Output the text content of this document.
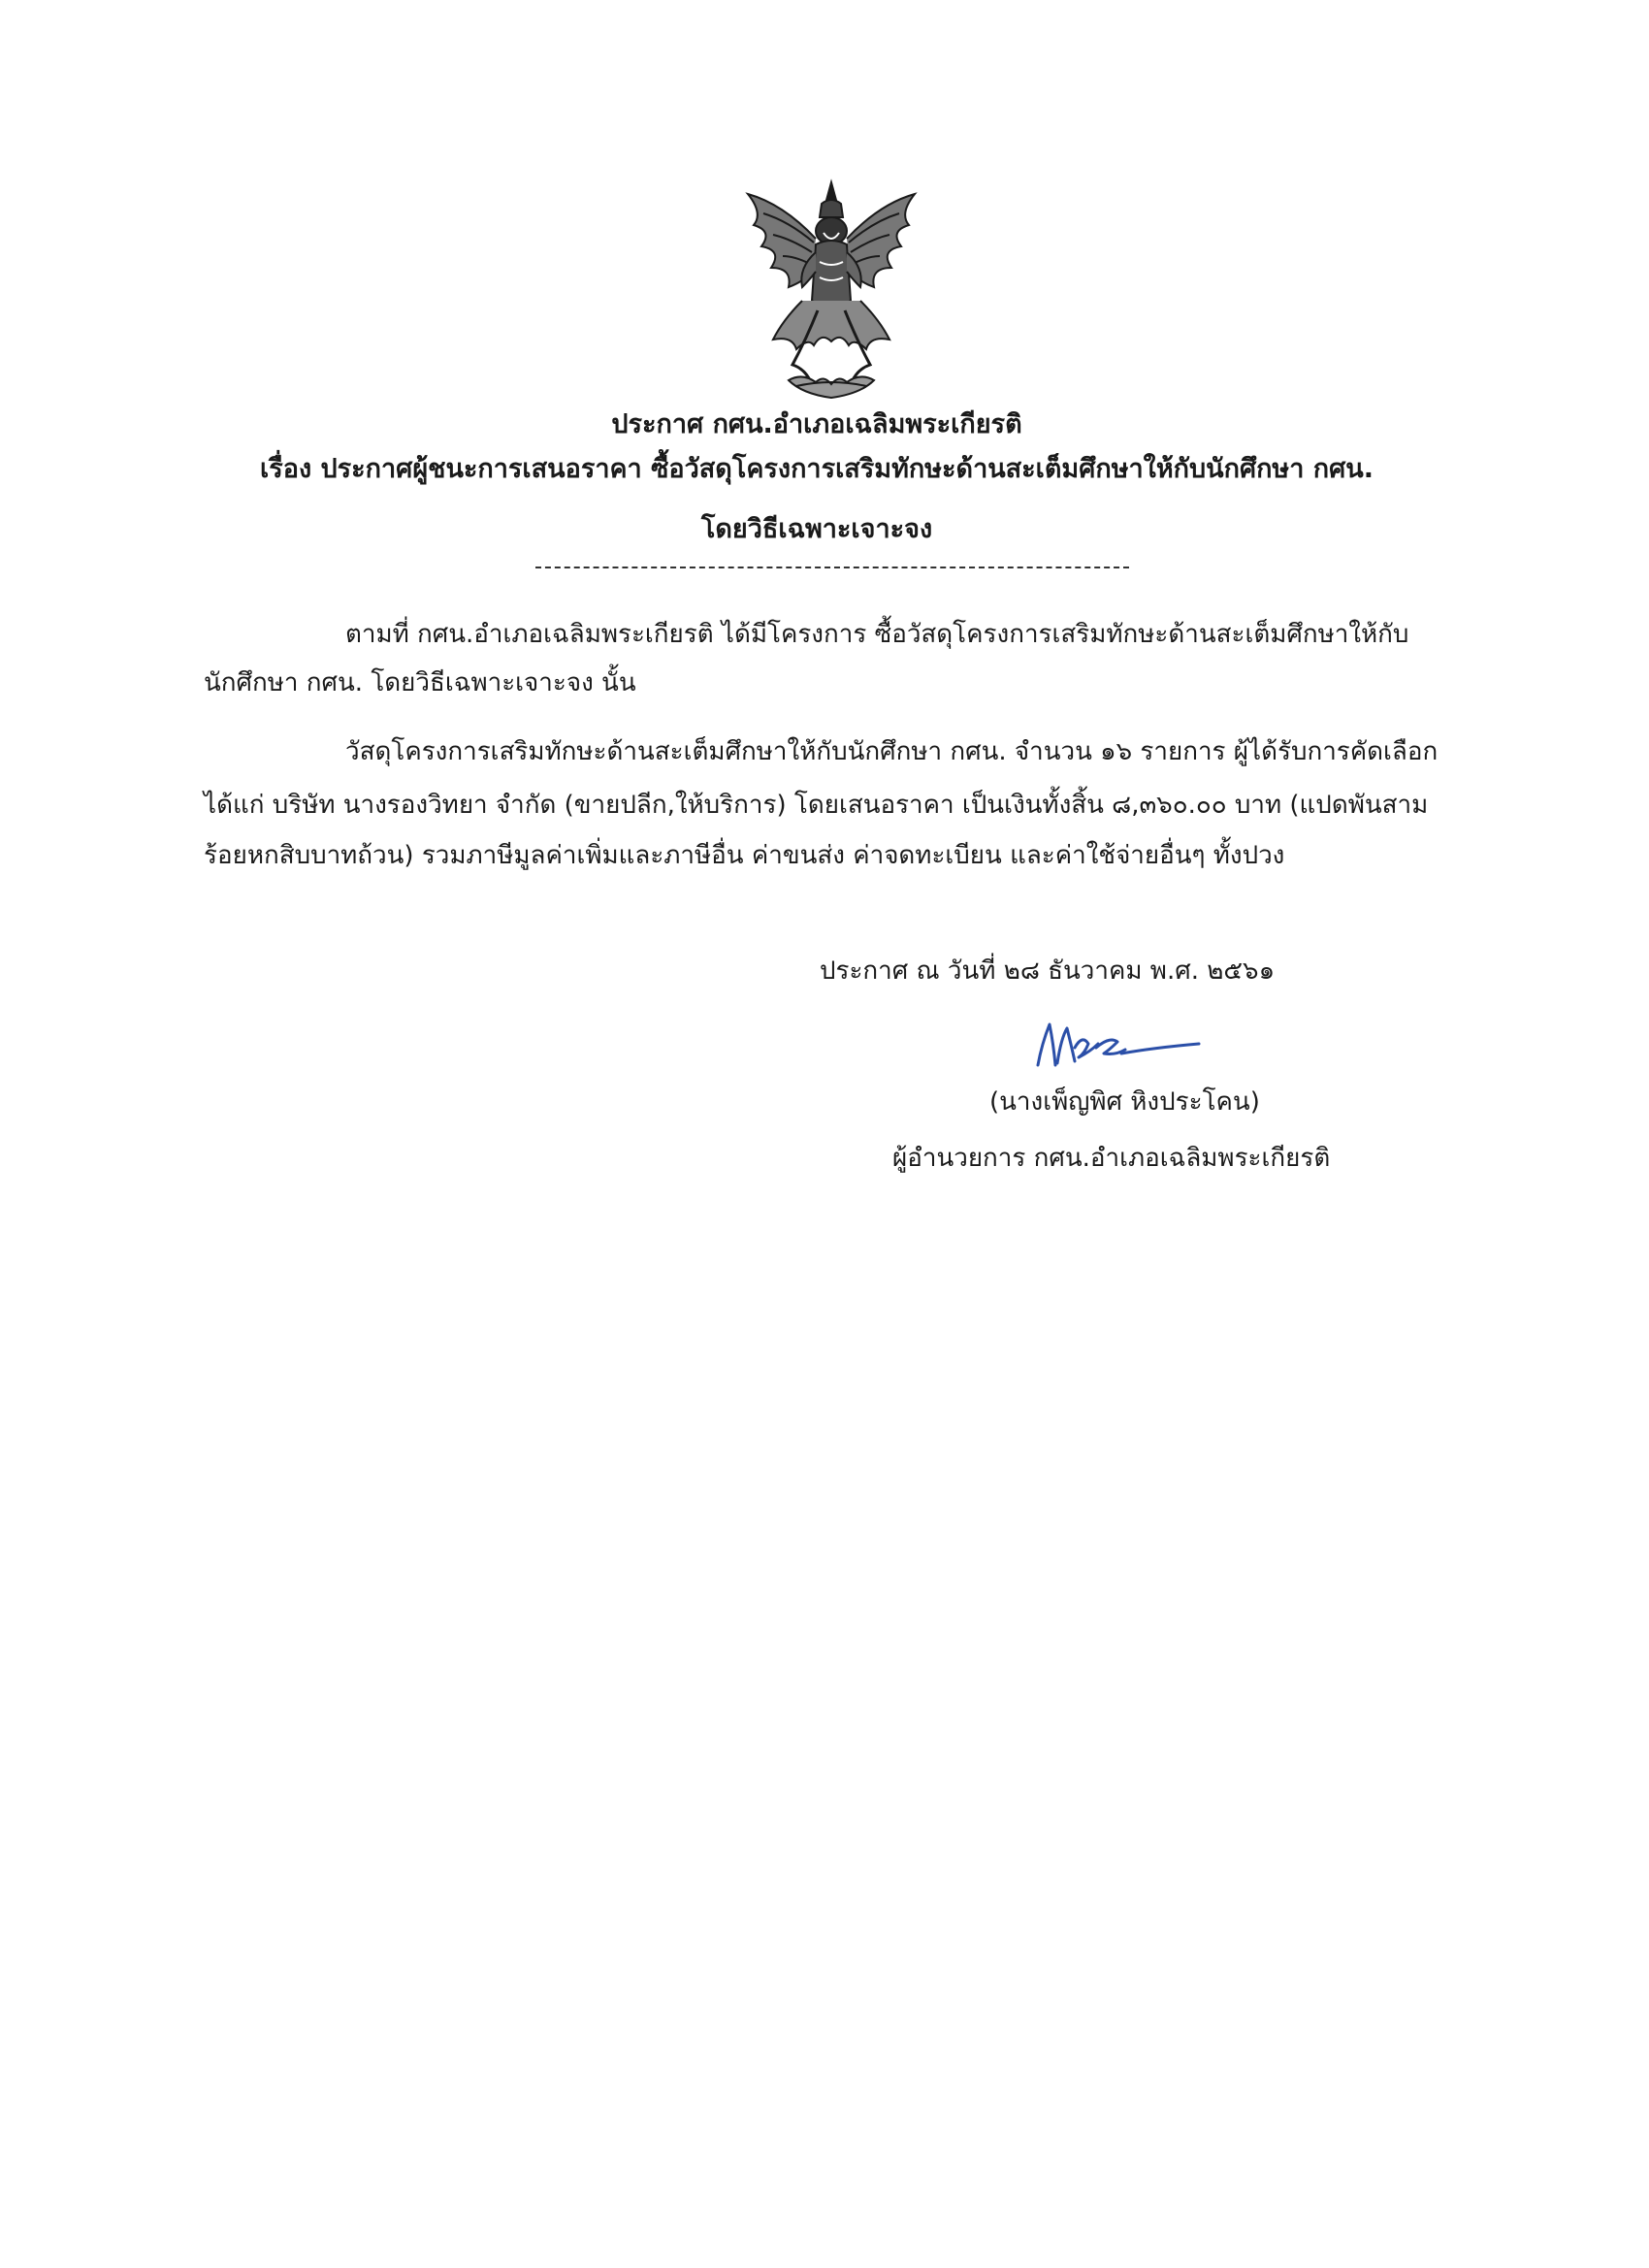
ประกาศ กศน.อำเภอเฉลิมพระเกียรติ
เรื่อง ประกาศผู้ชนะการเสนอราคา ซื้อวัสดุโครงการเสริมทักษะด้านสะเต็มศึกษาให้กับนักศึกษา กศน.
โดยวิธีเฉพาะเจาะจง
ตามที่ กศน.อำเภอเฉลิมพระเกียรติ ได้มีโครงการ ซื้อวัสดุโครงการเสริมทักษะด้านสะเต็มศึกษาให้กับ
นักศึกษา กศน. โดยวิธีเฉพาะเจาะจง นั้น
วัสดุโครงการเสริมทักษะด้านสะเต็มศึกษาให้กับนักศึกษา กศน. จำนวน ๑๖ รายการ ผู้ได้รับการคัดเลือก
ได้แก่ บริษัท นางรองวิทยา จำกัด (ขายปลีก,ให้บริการ) โดยเสนอราคา เป็นเงินทั้งสิ้น ๘,๓๖๐.๐๐ บาท (แปดพันสาม
ร้อยหกสิบบาทถ้วน) รวมภาษีมูลค่าเพิ่มและภาษีอื่น ค่าขนส่ง ค่าจดทะเบียน และค่าใช้จ่ายอื่นๆ ทั้งปวง
ประกาศ ณ วันที่ ๒๘ ธันวาคม พ.ศ. ๒๕๖๑
(นางเพ็ญพิศ หิงประโคน)
ผู้อำนวยการ กศน.อำเภอเฉลิมพระเกียรติ
